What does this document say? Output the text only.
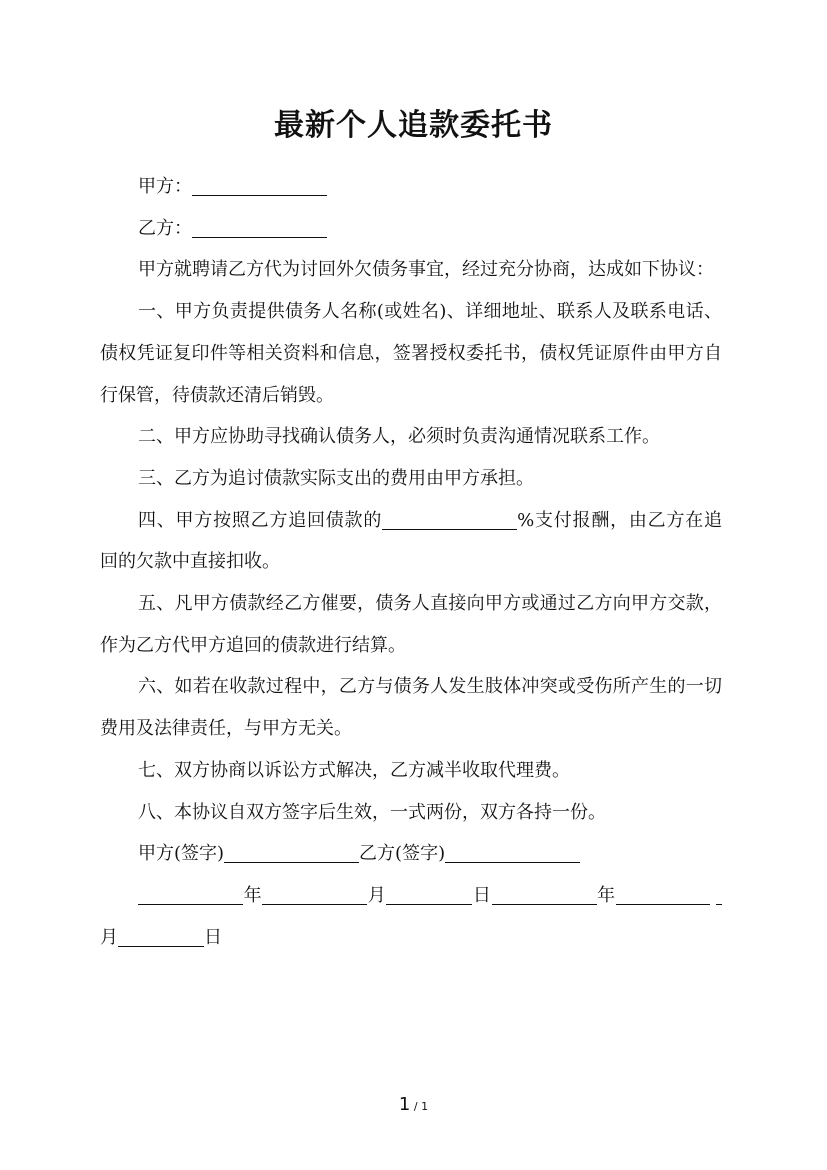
最新个人追款委托书

甲方：

乙方：

甲方就聘请乙方代为讨回外欠债务事宜，经过充分协商，达成如下协议：

一、甲方负责提供债务人名称(或姓名)、详细地址、联系人及联系电话、债权凭证复印件等相关资料和信息，签署授权委托书，债权凭证原件由甲方自行保管，待债款还清后销毁。

二、甲方应协助寻找确认债务人，必须时负责沟通情况联系工作。

三、乙方为追讨债款实际支出的费用由甲方承担。

四、甲方按照乙方追回债款的	%支付报酬，由乙方在追回的欠款中直接扣收。

五、凡甲方债款经乙方催要，债务人直接向甲方或通过乙方向甲方交款，作为乙方代甲方追回的债款进行结算。

六、如若在收款过程中，乙方与债务人发生肢体冲突或受伤所产生的一切费用及法律责任，与甲方无关。

七、双方协商以诉讼方式解决，乙方减半收取代理费。

八、本协议自双方签字后生效，一式两份，双方各持一份。

甲方(签字)	乙方(签字)

年	月	日	年 月	日

1 / 1
